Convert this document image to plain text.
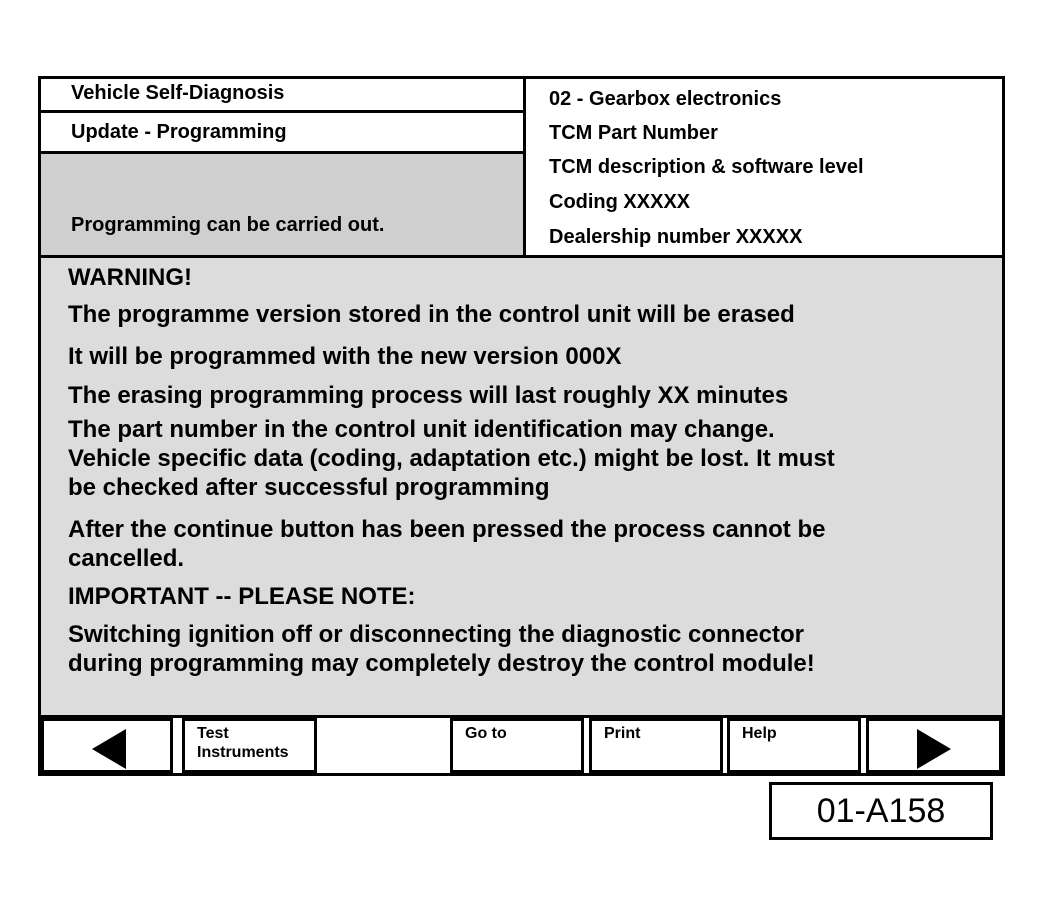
Vehicle Self-Diagnosis
Update - Programming
Programming can be carried out.
02 - Gearbox electronics
TCM Part Number
TCM description & software level
Coding XXXXX
Dealership number XXXXX
WARNING!
The programme version stored in the control unit will be erased
It will be programmed with the new version 000X
The erasing programming process will last roughly XX minutes
The part number in the control unit identification may change.
Vehicle specific data (coding, adaptation etc.) might be lost. It must
be checked after successful programming
After the continue button has been pressed the process cannot be
cancelled.
IMPORTANT -- PLEASE NOTE:
Switching ignition off or disconnecting the diagnostic connector
during programming may completely destroy the control module!
Test
Instruments
Go to	Print	Help
01-A158
